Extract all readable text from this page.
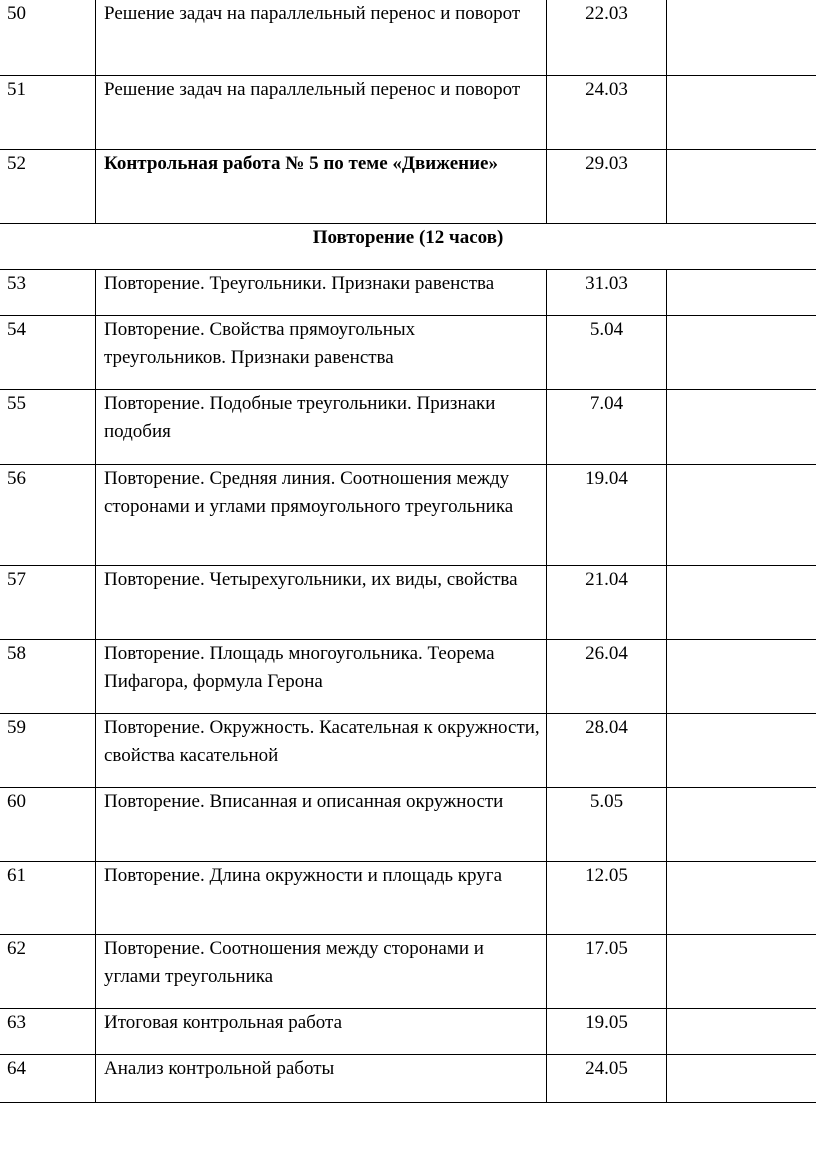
50	Решение задач на параллельный перенос и поворот	22.03	
51	Решение задач на параллельный перенос и поворот	24.03	
52	Контрольная работа № 5 по теме «Движение»	29.03	
Повторение (12 часов)			
53	Повторение. Треугольники. Признаки равенства	31.03	
54	Повторение. Свойства прямоугольных треугольников. Признаки равенства	5.04	
55	Повторение. Подобные треугольники. Признаки подобия	7.04	
56	Повторение. Средняя линия. Соотношения между сторонами и углами прямоугольного треугольника	19.04	
57	Повторение. Четырехугольники, их виды, свойства	21.04	
58	Повторение. Площадь многоугольника. Теорема Пифагора, формула Герона	26.04	
59	Повторение. Окружность. Касательная к окружности, свойства касательной	28.04	
60	Повторение. Вписанная и описанная окружности	5.05	
61	Повторение. Длина окружности и площадь круга	12.05	
62	Повторение. Соотношения между сторонами и углами треугольника	17.05	
63	Итоговая контрольная работа	19.05	
64	Анализ контрольной работы	24.05	
